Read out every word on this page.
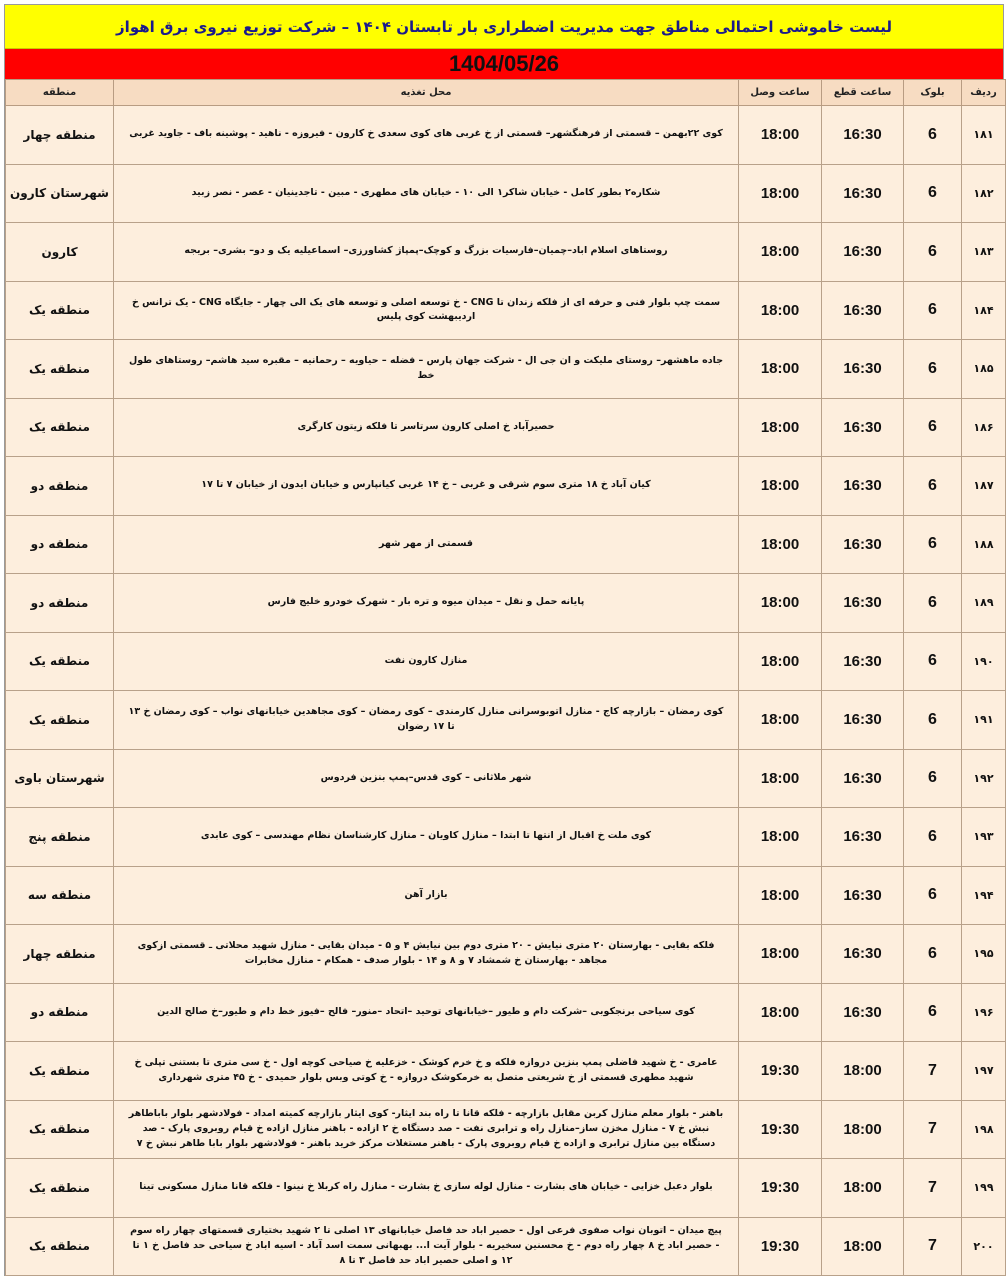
لیست خاموشی احتمالی مناطق جهت مدیریت اضطراری بار تابستان ۱۴۰۴ – شرکت توزیع نیروی برق اهواز
1404/05/26
ردیف	بلوک	ساعت قطع	ساعت وصل	محل تغذیه	منطقه
۱۸۱	6	16:30	18:00	کوی ۲۲بهمن – قسمتی از فرهنگشهر– قسمتی از خ غربی های کوی سعدی خ کارون - فیروزه - ناهید - پوشینه باف - جاوید غربی	منطقه چهار
۱۸۲	6	16:30	18:00	شکاره۲ بطور کامل - خیابان شاکر۱ الی ۱۰ - خیابان های مطهری - مبین - تاجدینیان - عصر - نصر زبید	شهرستان کارون
۱۸۳	6	16:30	18:00	روستاهای اسلام اباد–چمیان–فارسیات بزرگ و کوچک–پمپاژ کشاورزی– اسماعیلیه یک و دو– بشری– بریجه	کارون
۱۸۴	6	16:30	18:00	سمت چپ بلوار فنی و حرفه ای از فلکه زندان تا CNG - خ توسعه اصلی و توسعه های یک الی چهار - جایگاه CNG - یک ترانس خ اردیبهشت کوی پلیس	منطقه یک
۱۸۵	6	16:30	18:00	جاده ماهشهر– روستای ملیکت و ان جی ال - شرکت جهان پارس – فضله – حیاویه – رحمانیه – مقبره سید هاشم– روستاهای طول خط	منطقه یک
۱۸۶	6	16:30	18:00	حصیرآباد خ اصلی کارون سرتاسر تا فلکه زیتون کارگری	منطقه یک
۱۸۷	6	16:30	18:00	کیان آباد خ ۱۸ متری سوم شرقی و غربی – خ ۱۴ غربی کیانپارس و خیابان ایدون از خیابان ۷ تا ۱۷	منطقه دو
۱۸۸	6	16:30	18:00	قسمتی از مهر شهر	منطقه دو
۱۸۹	6	16:30	18:00	پایانه حمل و نقل – میدان میوه و تره بار - شهرک خودرو خلیج فارس	منطقه دو
۱۹۰	6	16:30	18:00	منازل کارون نفت	منطقه یک
۱۹۱	6	16:30	18:00	کوی رمضان – بازارچه کاج - منازل اتوبوسرانی منازل کارمندی – کوی رمضان – کوی مجاهدین خیابانهای نواب – کوی رمضان خ ۱۳ تا ۱۷ رضوان	منطقه یک
۱۹۲	6	16:30	18:00	شهر ملاثانی – کوی قدس–پمپ بنزین فردوس	شهرستان باوی
۱۹۳	6	16:30	18:00	کوی ملت خ اقبال از انتها تا ابتدا – منازل کاویان – منازل کارشناسان نظام مهندسی – کوی عابدی	منطقه پنج
۱۹۴	6	16:30	18:00	بازار آهن	منطقه سه
۱۹۵	6	16:30	18:00	فلکه بقایی - بهارستان ۲۰ متری نیایش - ۲۰ متری دوم بین نیایش ۴ و ۵ - میدان بقایی - منازل شهید محلاتی ـ قسمتی ازکوی مجاهد - بهارستان خ شمشاد ۷ و ۸ و ۱۴ - بلوار صدف - همکام - منازل مخابرات	منطقه چهار
۱۹۶	6	16:30	18:00	کوی سیاحی برنجکوبی –شرکت دام و طیور –خیابانهای توحید –اتحاد –منور– فالح –فیوز خط دام و طیور–خ صالح الدین	منطقه دو
۱۹۷	7	18:00	19:30	عامری - خ شهید فاضلی پمپ بنزین دروازه فلکه و خ خرم کوشک - خزعلیه خ صیاحی کوچه اول - خ سی متری تا بستنی تپلی خ شهید مطهری قسمتی از خ شریعتی متصل به خرمکوشک دروازه - خ کوتی وبس بلوار حمیدی - خ ۴۵ متری شهرداری	منطقه یک
۱۹۸	7	18:00	19:30	باهنر - بلوار معلم منازل کربن مقابل بازارچه - فلکه قانا تا راه بند ایثار- کوی ایثار بازارچه کمیته امداد - فولادشهر بلوار باباطاهر نبش خ ۷ - منازل مخزن ساز–منازل راه و ترابری نفت - صد دستگاه خ ۲ ازاده - باهنر منازل ازاده خ قیام روبروی پارک - صد دستگاه بین منازل ترابری و ازاده خ قیام روبروی پارک - باهنر مستغلات مرکز خرید باهنر - فولادشهر بلوار بابا طاهر نبش خ ۷	منطقه یک
۱۹۹	7	18:00	19:30	بلوار دعبل خزایی - خیابان های بشارت - منازل لوله سازی خ بشارت - منازل راه کربلا خ نینوا - فلکه قانا منازل مسکونی تینا	منطقه یک
۲۰۰	7	18:00	19:30	پیچ میدان – اتوبان نواب صفوی فرعی اول - حصیر اباد حد فاصل خیابانهای ۱۳ اصلی تا ۲ شهید بختیاری قسمتهای چهار راه سوم - حصیر اباد خ ۸ چهار راه دوم - خ محسنین سخیریه - بلوار آیت ا... بهبهانی سمت اسد آباد - اسیه اباد خ سیاحی حد فاصل خ ۱ تا ۱۲ و اصلی حصیر اباد حد فاصل ۳ تا ۸	منطقه یک
